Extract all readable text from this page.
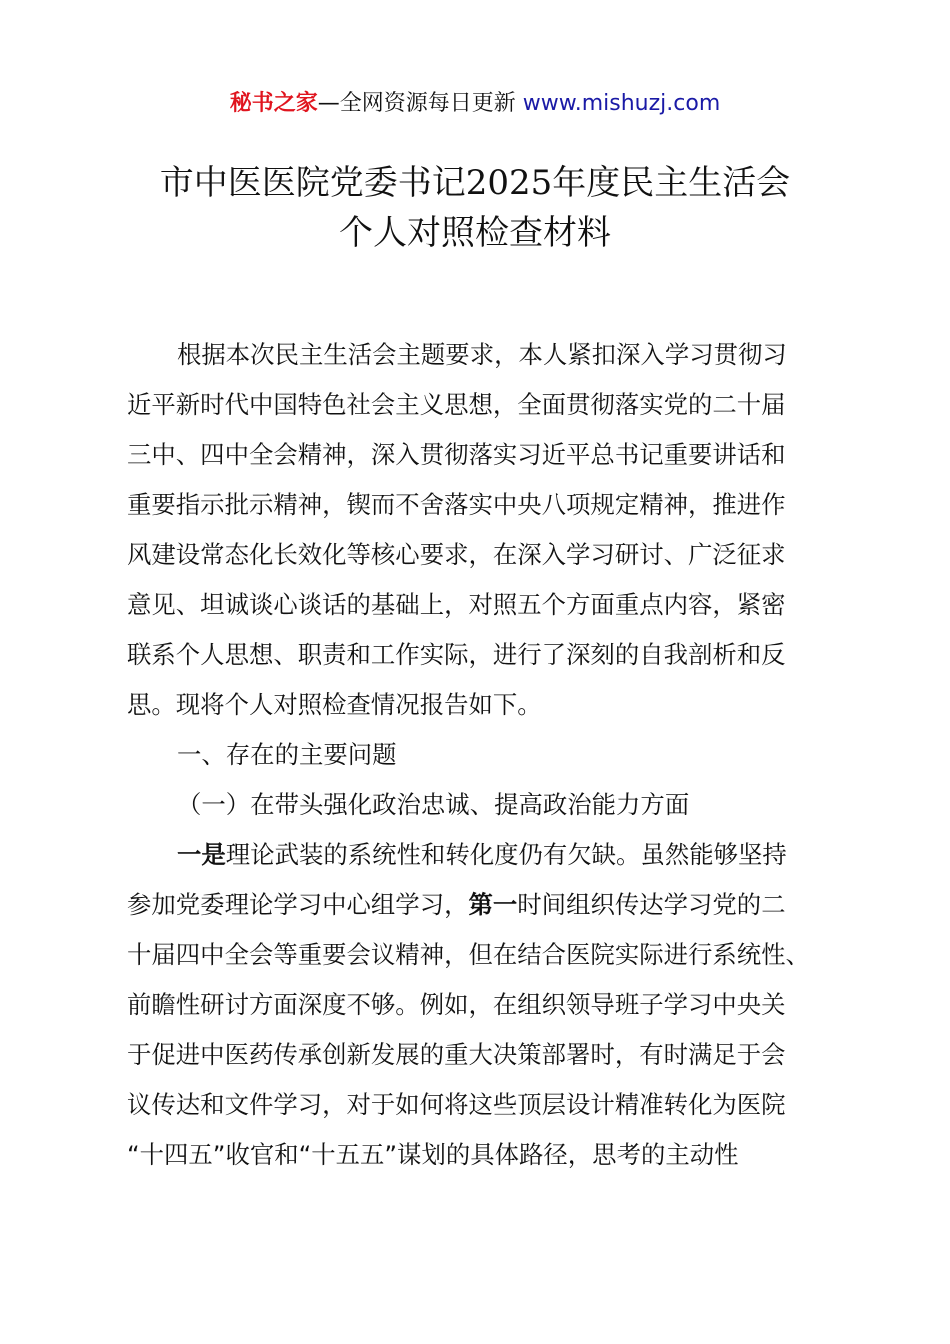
秘书之家—全网资源每日更新 www.mishuzj.com
市中医医院党委书记2025年度民主生活会
个人对照检查材料

根据本次民主生活会主题要求，本人紧扣深入学习贯彻习
近平新时代中国特色社会主义思想，全面贯彻落实党的二十届
三中、四中全会精神，深入贯彻落实习近平总书记重要讲话和
重要指示批示精神，锲而不舍落实中央八项规定精神，推进作
风建设常态化长效化等核心要求，在深入学习研讨、广泛征求
意见、坦诚谈心谈话的基础上，对照五个方面重点内容，紧密
联系个人思想、职责和工作实际，进行了深刻的自我剖析和反
思。现将个人对照检查情况报告如下。

一、存在的主要问题
（一）在带头强化政治忠诚、提高政治能力方面
一是理论武装的系统性和转化度仍有欠缺。虽然能够坚持
参加党委理论学习中心组学习，第一时间组织传达学习党的二
十届四中全会等重要会议精神，但在结合医院实际进行系统性、
前瞻性研讨方面深度不够。例如，在组织领导班子学习中央关
于促进中医药传承创新发展的重大决策部署时，有时满足于会
议传达和文件学习，对于如何将这些顶层设计精准转化为医院
“十四五”收官和“十五五”谋划的具体路径，思考的主动性
